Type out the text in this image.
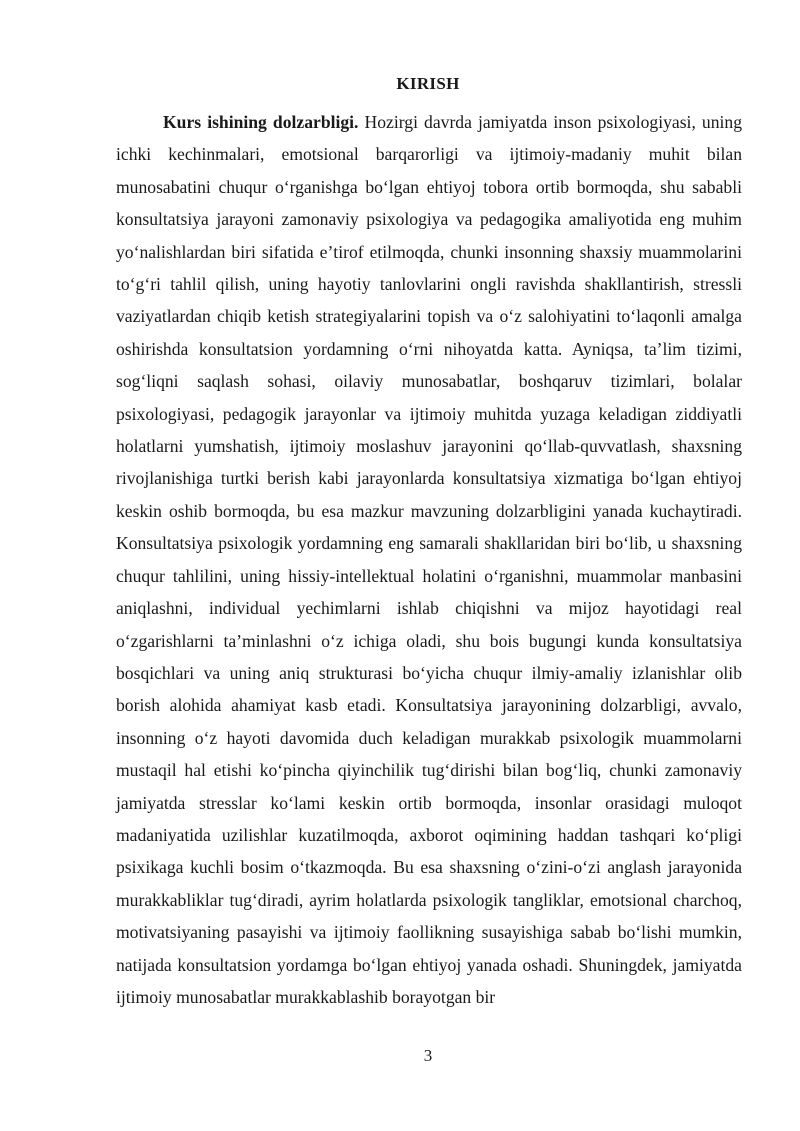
KIRISH

Kurs ishining dolzarbligi. Hozirgi davrda jamiyatda inson psixologiyasi, uning ichki kechinmalari, emotsional barqarorligi va ijtimoiy-madaniy muhit bilan munosabatini chuqur oʻrganishga boʻlgan ehtiyoj tobora ortib bormoqda, shu sababli konsultatsiya jarayoni zamonaviy psixologiya va pedagogika amaliyotida eng muhim yoʻnalishlardan biri sifatida eʼtirof etilmoqda, chunki insonning shaxsiy muammolarini toʻgʻri tahlil qilish, uning hayotiy tanlovlarini ongli ravishda shakllantirish, stressli vaziyatlardan chiqib ketish strategiyalarini topish va oʻz salohiyatini toʻlaqonli amalga oshirishda konsultatsion yordamning oʻrni nihoyatda katta. Ayniqsa, taʼlim tizimi, sogʻliqni saqlash sohasi, oilaviy munosabatlar, boshqaruv tizimlari, bolalar psixologiyasi, pedagogik jarayonlar va ijtimoiy muhitda yuzaga keladigan ziddiyatli holatlarni yumshatish, ijtimoiy moslashuv jarayonini qoʻllab-quvvatlash, shaxsning rivojlanishiga turtki berish kabi jarayonlarda konsultatsiya xizmatiga boʻlgan ehtiyoj keskin oshib bormoqda, bu esa mazkur mavzuning dolzarbligini yanada kuchaytiradi. Konsultatsiya psixologik yordamning eng samarali shakllaridan biri boʻlib, u shaxsning chuqur tahlilini, uning hissiy-intellektual holatini oʻrganishni, muammolar manbasini aniqlashni, individual yechimlarni ishlab chiqishni va mijoz hayotidagi real oʻzgarishlarni taʼminlashni oʻz ichiga oladi, shu bois bugungi kunda konsultatsiya bosqichlari va uning aniq strukturasi boʻyicha chuqur ilmiy-amaliy izlanishlar olib borish alohida ahamiyat kasb etadi. Konsultatsiya jarayonining dolzarbligi, avvalo, insonning oʻz hayoti davomida duch keladigan murakkab psixologik muammolarni mustaqil hal etishi koʻpincha qiyinchilik tugʻdirishi bilan bogʻliq, chunki zamonaviy jamiyatda stresslar koʻlami keskin ortib bormoqda, insonlar orasidagi muloqot madaniyatida uzilishlar kuzatilmoqda, axborot oqimining haddan tashqari koʻpligi psixikaga kuchli bosim oʻtkazmoqda. Bu esa shaxsning oʻzini-oʻzi anglash jarayonida murakkabliklar tugʻdiradi, ayrim holatlarda psixologik tangliklar, emotsional charchoq, motivatsiyaning pasayishi va ijtimoiy faollikning susayishiga sabab boʻlishi mumkin, natijada konsultatsion yordamga boʻlgan ehtiyoj yanada oshadi. Shuningdek, jamiyatda ijtimoiy munosabatlar murakkablashib borayotgan bir

3
